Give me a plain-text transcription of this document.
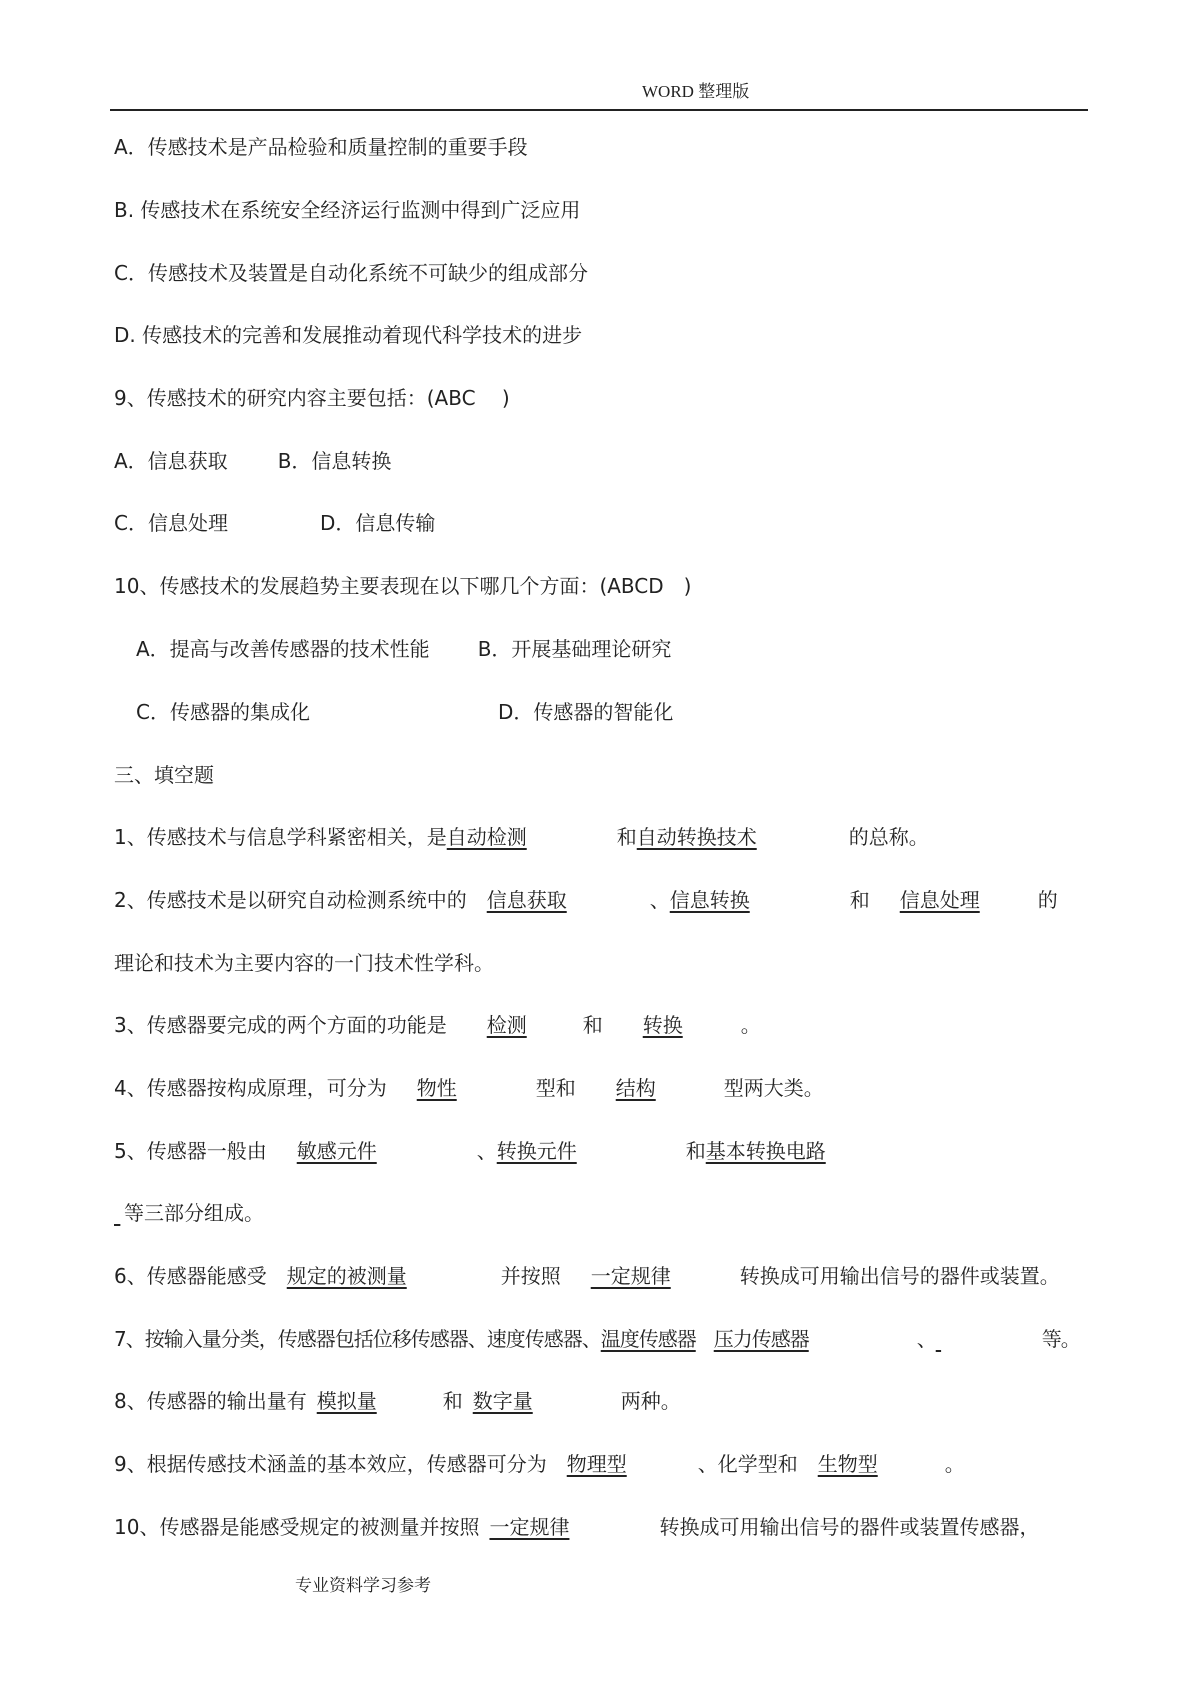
WORD 整理版
A．传感技术是产品检验和质量控制的重要手段
B. 传感技术在系统安全经济运行监测中得到广泛应用
C．传感技术及装置是自动化系统不可缺少的组成部分
D. 传感技术的完善和发展推动着现代科学技术的进步
9、传感技术的研究内容主要包括：(ABC　 )
A．信息获取	B．信息转换
C．信息处理	D．信息传输
10、传感技术的发展趋势主要表现在以下哪几个方面：(ABCD　)
A．提高与改善传感器的技术性能 B．开展基础理论研究
C．传感器的集成化	D．传感器的智能化
三、填空题
1、传感技术与信息学科紧密相关，是自动检测	和自动转换技术	的总称。
2、传感技术是以研究自动检测系统中的 信息获取	、信息转换	和 信息处理	的
理论和技术为主要内容的一门技术性学科。
3、传感器要完成的两个方面的功能是 检测	和 转换	。
4、传感器按构成原理，可分为 物性	型和 结构	型两大类。
5、传感器一般由 敏感元件	、转换元件	和基本转换电路
等三部分组成。
6、传感器能感受 规定的被测量	并按照 一定规律	转换成可用输出信号的器件或装置。
7、按输入量分类，传感器包括位移传感器、速度传感器、温度传感器 压力传感器	、	等。
8、传感器的输出量有 模拟量	和 数字量	两种。
9、根据传感技术涵盖的基本效应，传感器可分为 物理型	、化学型和 生物型	。
10、传感器是能感受规定的被测量并按照 一定规律	转换成可用输出信号的器件或装置传感器，
专业资料学习参考
